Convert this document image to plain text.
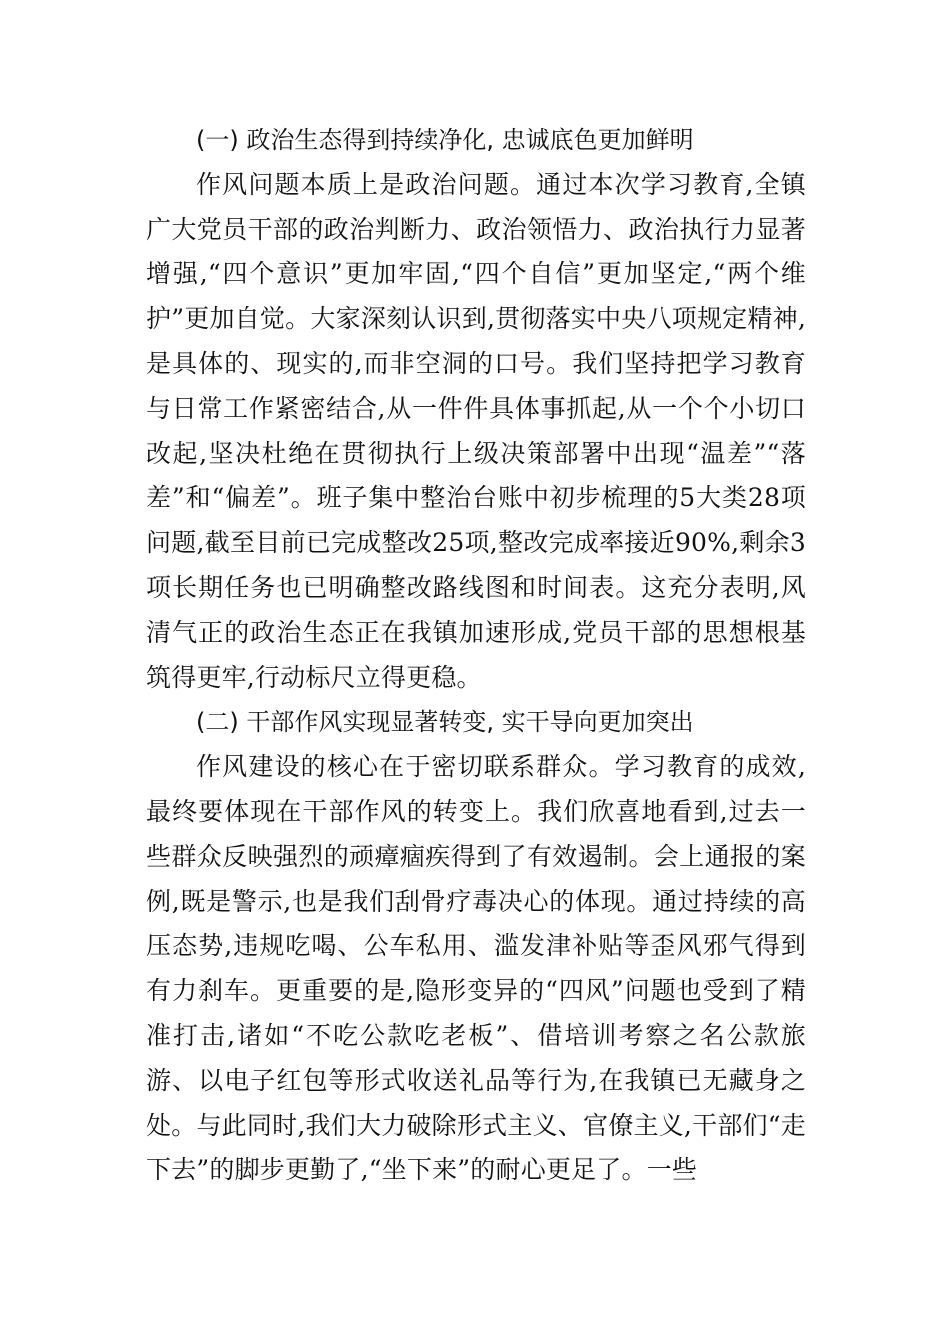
(一) 政治生态得到持续净化, 忠诚底色更加鲜明

作风问题本质上是政治问题。通过本次学习教育,全镇广大党员干部的政治判断力、政治领悟力、政治执行力显著增强,“四个意识”更加牢固,“四个自信”更加坚定,“两个维护”更加自觉。大家深刻认识到,贯彻落实中央八项规定精神,是具体的、现实的,而非空洞的口号。我们坚持把学习教育与日常工作紧密结合,从一件件具体事抓起,从一个个小切口改起,坚决杜绝在贯彻执行上级决策部署中出现“温差”“落差”和“偏差”。班子集中整治台账中初步梳理的5大类28项问题,截至目前已完成整改25项,整改完成率接近90%,剩余3项长期任务也已明确整改路线图和时间表。这充分表明,风清气正的政治生态正在我镇加速形成,党员干部的思想根基筑得更牢,行动标尺立得更稳。

(二) 干部作风实现显著转变, 实干导向更加突出

作风建设的核心在于密切联系群众。学习教育的成效,最终要体现在干部作风的转变上。我们欣喜地看到,过去一些群众反映强烈的顽瘴痼疾得到了有效遏制。会上通报的案例,既是警示,也是我们刮骨疗毒决心的体现。通过持续的高压态势,违规吃喝、公车私用、滥发津补贴等歪风邪气得到有力刹车。更重要的是,隐形变异的“四风”问题也受到了精准打击,诸如“不吃公款吃老板”、借培训考察之名公款旅游、以电子红包等形式收送礼品等行为,在我镇已无藏身之处。与此同时,我们大力破除形式主义、官僚主义,干部们“走下去”的脚步更勤了,“坐下来”的耐心更足了。一些
